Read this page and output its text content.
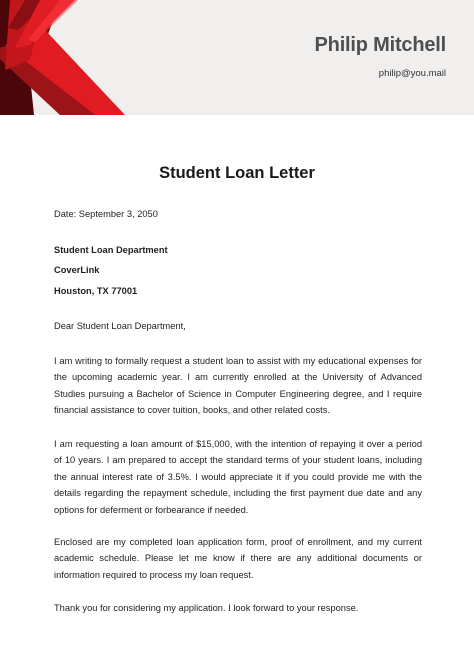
Philip Mitchell
philip@you.mail
Student Loan Letter
Date: September 3, 2050
Student Loan Department
CoverLink
Houston, TX 77001
Dear Student Loan Department,
I am writing to formally request a student loan to assist with my educational expenses for the upcoming academic year. I am currently enrolled at the University of Advanced Studies pursuing a Bachelor of Science in Computer Engineering degree, and I require financial assistance to cover tuition, books, and other related costs.
I am requesting a loan amount of $15,000, with the intention of repaying it over a period of 10 years. I am prepared to accept the standard terms of your student loans, including the annual interest rate of 3.5%. I would appreciate it if you could provide me with the details regarding the repayment schedule, including the first payment due date and any options for deferment or forbearance if needed.
Enclosed are my completed loan application form, proof of enrollment, and my current academic schedule. Please let me know if there are any additional documents or information required to process my loan request.
Thank you for considering my application. I look forward to your response.
